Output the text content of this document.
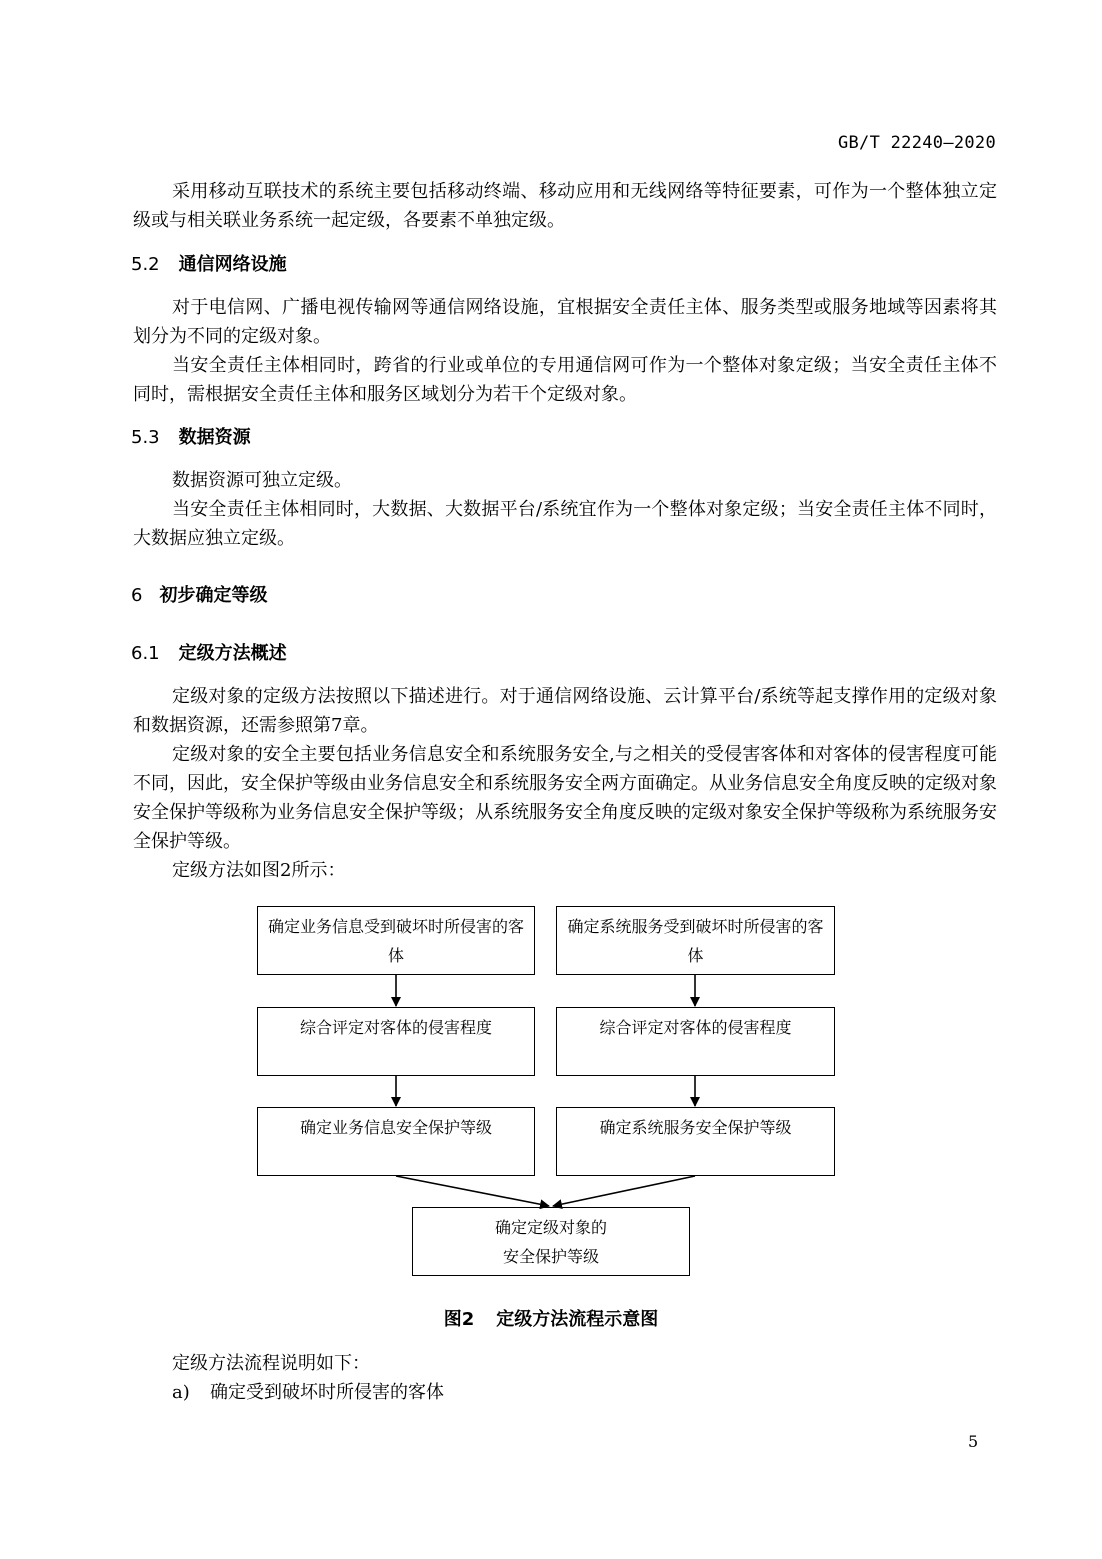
GB/T 22240—2020

采用移动互联技术的系统主要包括移动终端、移动应用和无线网络等特征要素，可作为一个整体独立定级或与相关联业务系统一起定级，各要素不单独定级。

5.2 通信网络设施

对于电信网、广播电视传输网等通信网络设施，宜根据安全责任主体、服务类型或服务地域等因素将其划分为不同的定级对象。

当安全责任主体相同时，跨省的行业或单位的专用通信网可作为一个整体对象定级；当安全责任主体不同时，需根据安全责任主体和服务区域划分为若干个定级对象。

5.3 数据资源

数据资源可独立定级。

当安全责任主体相同时，大数据、大数据平台/系统宜作为一个整体对象定级；当安全责任主体不同时，大数据应独立定级。

6 初步确定等级
6.1 定级方法概述

定级对象的定级方法按照以下描述进行。对于通信网络设施、云计算平台/系统等起支撑作用的定级对象和数据资源，还需参照第7章。

定级对象的安全主要包括业务信息安全和系统服务安全,与之相关的受侵害客体和对客体的侵害程度可能不同，因此，安全保护等级由业务信息安全和系统服务安全两方面确定。从业务信息安全角度反映的定级对象安全保护等级称为业务信息安全保护等级；从系统服务安全角度反映的定级对象安全保护等级称为系统服务安全保护等级。

定级方法如图2所示：

确定业务信息受到破坏时所侵害的客体
确定系统服务受到破坏时所侵害的客体
综合评定对客体的侵害程度	综合评定对客体的侵害程度
确定业务信息安全保护等级	确定系统服务安全保护等级
确定定级对象的
安全保护等级
图2 定级方法流程示意图

定级方法流程说明如下：

a) 确定受到破坏时所侵害的客体
5
